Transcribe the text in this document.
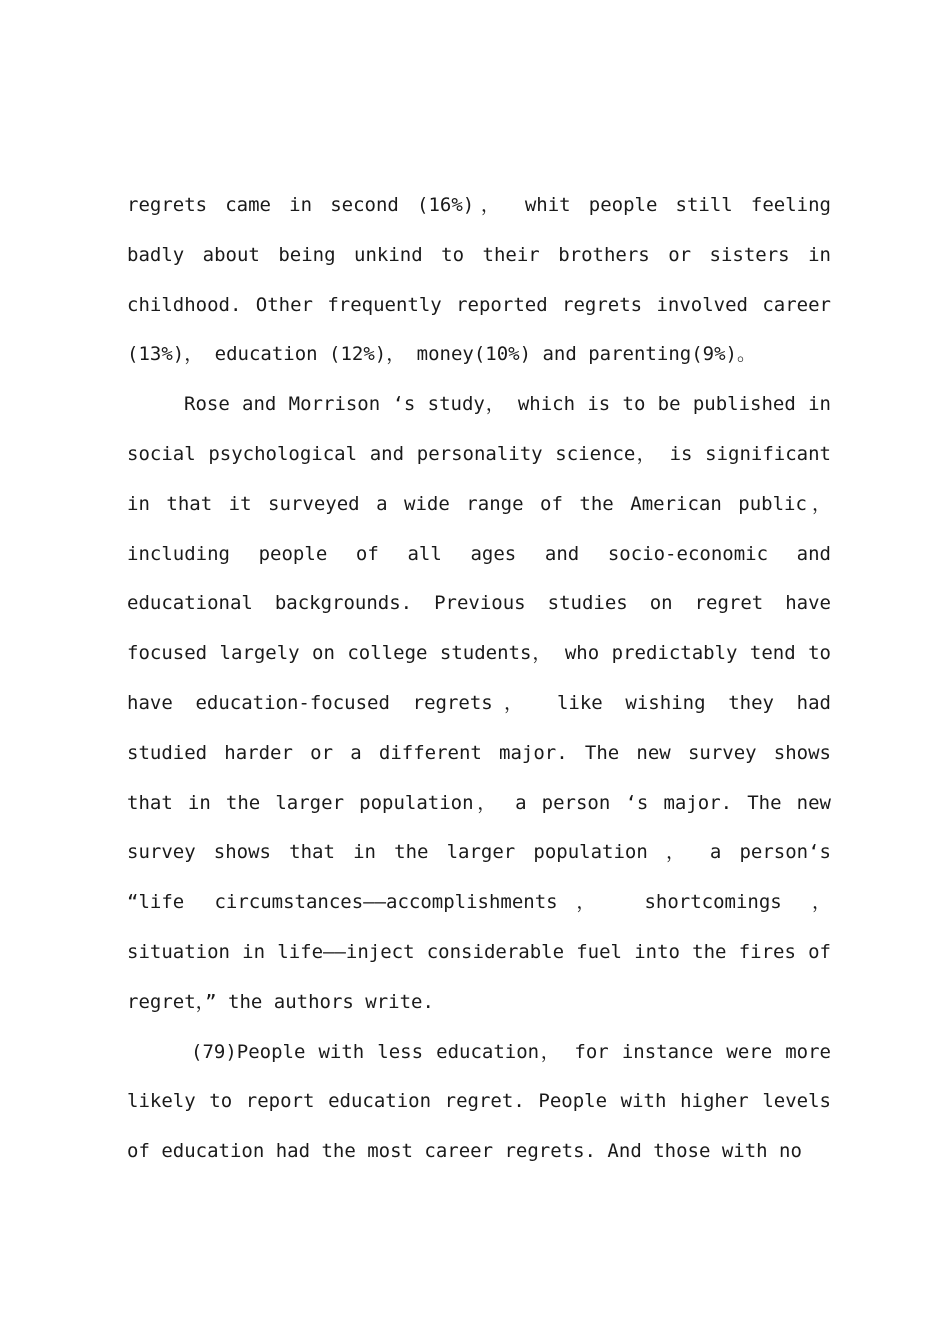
regrets came in second (16%)， whit people still feeling badly about being unkind to their brothers or sisters in childhood. Other frequently reported regrets involved career (13%)， education (12%)， money(10%) and parenting(9%)。

Rose and Morrison ‘s study， which is to be published in social psychological and personality science， is significant in that it surveyed a wide range of the American public， including people of all ages and socio-economic and educational backgrounds. Previous studies on regret have focused largely on college students， who predictably tend to have education-focused regrets， like wishing they had studied harder or a different major. The new survey shows that in the larger population， a person ‘s major. The new survey shows that in the larger population ， a person‘s “life circumstances——accomplishments， shortcomings ， situation in life——inject considerable fuel into the fires of regret，” the authors write.

(79)People with less education， for instance were more likely to report education regret. People with higher levels of education had the most career regrets. And those with no
